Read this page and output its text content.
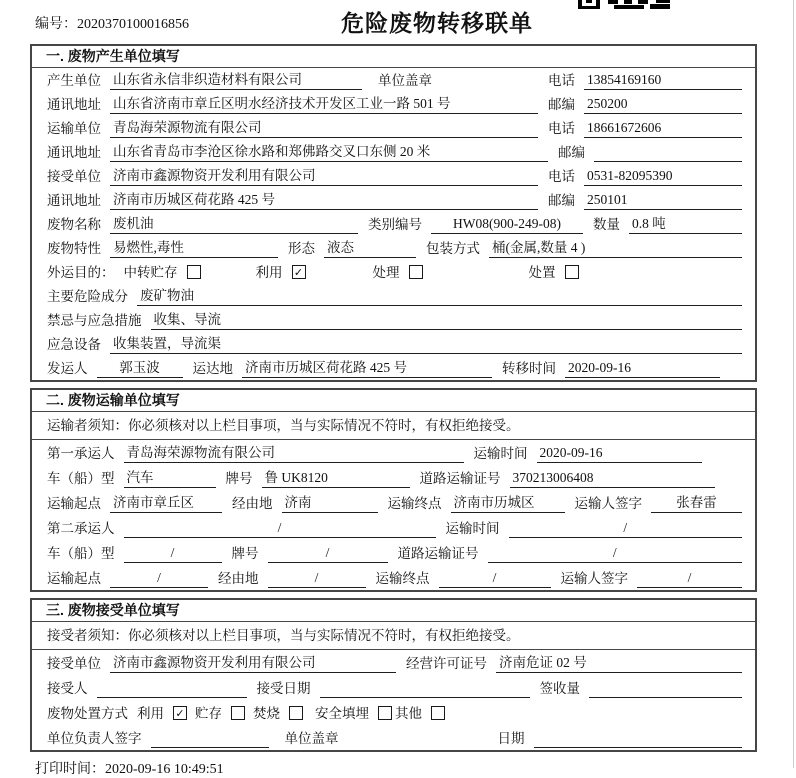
编号：2020370100016856	危险废物转移联单
一. 废物产生单位填写
产生单位 山东省永信非织造材料有限公司	单位盖章	电话 13854169160
通讯地址 山东省济南市章丘区明水经济技术开发区工业一路 501 号	邮编 250200
运输单位 青岛海荣源物流有限公司	电话 18661672606
通讯地址 山东省青岛市李沧区徐水路和郑佛路交叉口东侧 20 米	邮编
接受单位 济南市鑫源物资开发利用有限公司	电话 0531-82095390
通讯地址 济南市历城区荷花路 425 号	邮编 250101
废物名称 废机油	类别编号	HW08(900-249-08)	数量 0.8 吨
废物特性 易燃性,毒性	形态 液态	包装方式 桶(金属,数量 4 )
外运目的： 中转贮存	利用 ✓	处理	处置
主要危险成分 废矿物油
禁忌与应急措施 收集、导流
应急设备 收集装置，导流渠
发运人	郭玉波	运达地 济南市历城区荷花路 425 号	转移时间 2020-09-16
二. 废物运输单位填写
运输者须知：你必须核对以上栏目事项，当与实际情况不符时，有权拒绝接受。
第一承运人 青岛海荣源物流有限公司	运输时间 2020-09-16
车（船）型 汽车	牌号 鲁 UK8120	道路运输证号 370213006408
运输起点 济南市章丘区	经由地 济南	运输终点 济南市历城区	运输人签字	张春雷
第二承运人	/	运输时间	/
车（船）型	/	牌号	/	道路运输证号	/
运输起点	/	经由地	/	运输终点	/	运输人签字	/
三. 废物接受单位填写
接受者须知：你必须核对以上栏目事项，当与实际情况不符时，有权拒绝接受。
接受单位 济南市鑫源物资开发利用有限公司	经营许可证号 济南危证 02 号
接受人	接受日期	签收量
废物处置方式 利用 ✓ 贮存 焚烧	安全填埋 其他
单位负责人签字	单位盖章	日期
打印时间：2020-09-16 10:49:51
